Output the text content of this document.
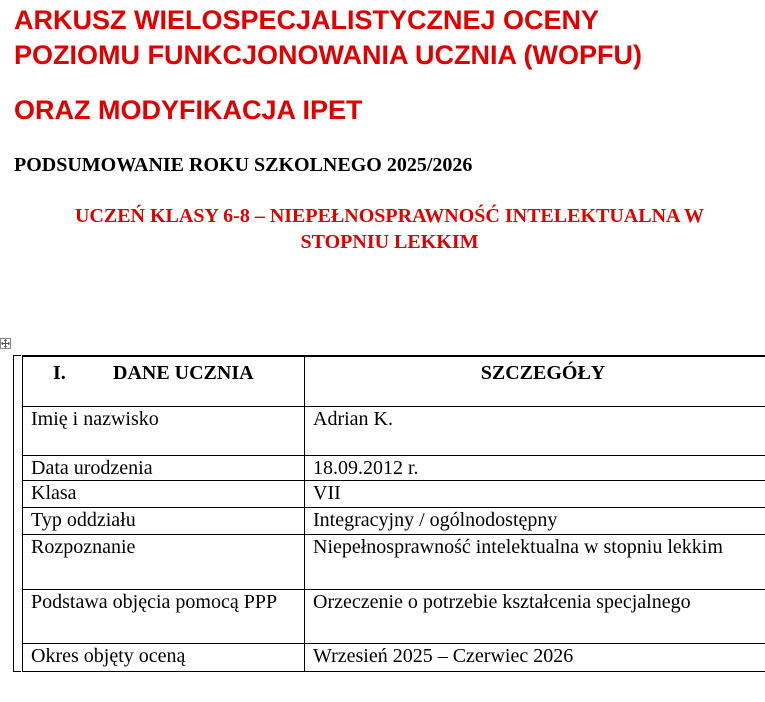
ARKUSZ WIELOSPECJALISTYCZNEJ OCENY

POZIOMU FUNKCJONOWANIA UCZNIA (WOPFU)

ORAZ MODYFIKACJA IPET

PODSUMOWANIE ROKU SZKOLNEGO 2025/2026

UCZEŃ KLASY 6-8 – NIEPEŁNOSPRAWNOŚĆ INTELEKTUALNA W
STOPNIU LEKKIM
I. DANE UCZNIA	SZCZEGÓŁY
Imię i nazwisko	Adrian K.
Data urodzenia	18.09.2012 r.
Klasa	VII
Typ oddziału	Integracyjny / ogólnodostępny
Rozpoznanie	Niepełnosprawność intelektualna w stopniu lekkim
Podstawa objęcia pomocą PPP	Orzeczenie o potrzebie kształcenia specjalnego
Okres objęty oceną	Wrzesień 2025 – Czerwiec 2026
